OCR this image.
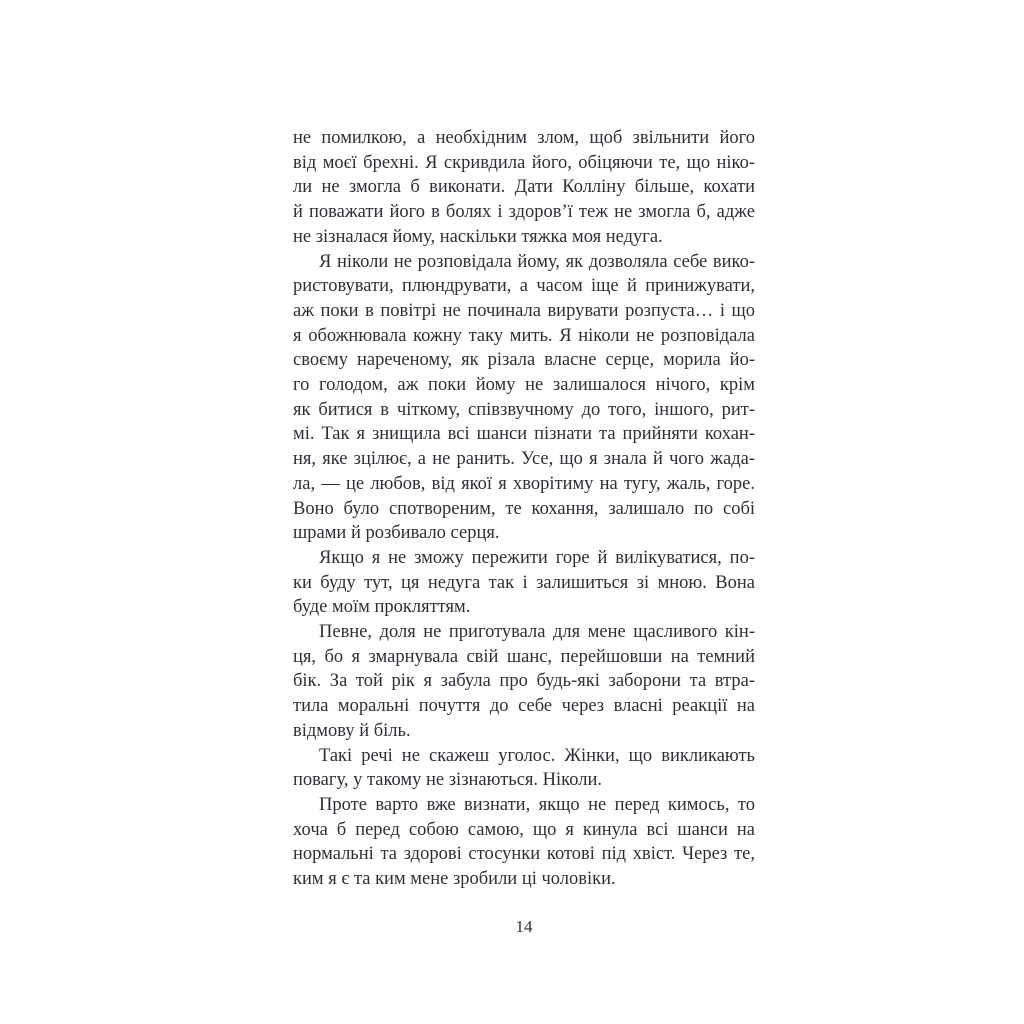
не помилкою, а необхідним злом, щоб звільнити його
від моєї брехні. Я скривдила його, обіцяючи те, що ніко-
ли не змогла б виконати. Дати Колліну більше, кохати
й поважати його в болях і здоров’ї теж не змогла б, адже
не зізналася йому, наскільки тяжка моя недуга.
Я ніколи не розповідала йому, як дозволяла себе вико-
ристовувати, плюндрувати, а часом іще й принижувати,
аж поки в повітрі не починала вирувати розпуста… і що
я обожнювала кожну таку мить. Я ніколи не розповідала
своєму нареченому, як різала власне серце, морила йо-
го голодом, аж поки йому не залишалося нічого, крім
як битися в чіткому, співзвучному до того, іншого, рит-
мі. Так я знищила всі шанси пізнати та прийняти кохан-
ня, яке зцілює, а не ранить. Усе, що я знала й чого жада-
ла, — це любов, від якої я хворітиму на тугу, жаль, горе.
Воно було спотвореним, те кохання, залишало по собі
шрами й розбивало серця.
Якщо я не зможу пережити горе й вилікуватися, по-
ки буду тут, ця недуга так і залишиться зі мною. Вона
буде моїм прокляттям.
Певне, доля не приготувала для мене щасливого кін-
ця, бо я змарнувала свій шанс, перейшовши на темний
бік. За той рік я забула про будь-які заборони та втра-
тила моральні почуття до себе через власні реакції на
відмову й біль.
Такі речі не скажеш уголос. Жінки, що викликають
повагу, у такому не зізнаються. Ніколи.
Проте варто вже визнати, якщо не перед кимось, то
хоча б перед собою самою, що я кинула всі шанси на
нормальні та здорові стосунки котові під хвіст. Через те,
ким я є та ким мене зробили ці чоловіки.
14
